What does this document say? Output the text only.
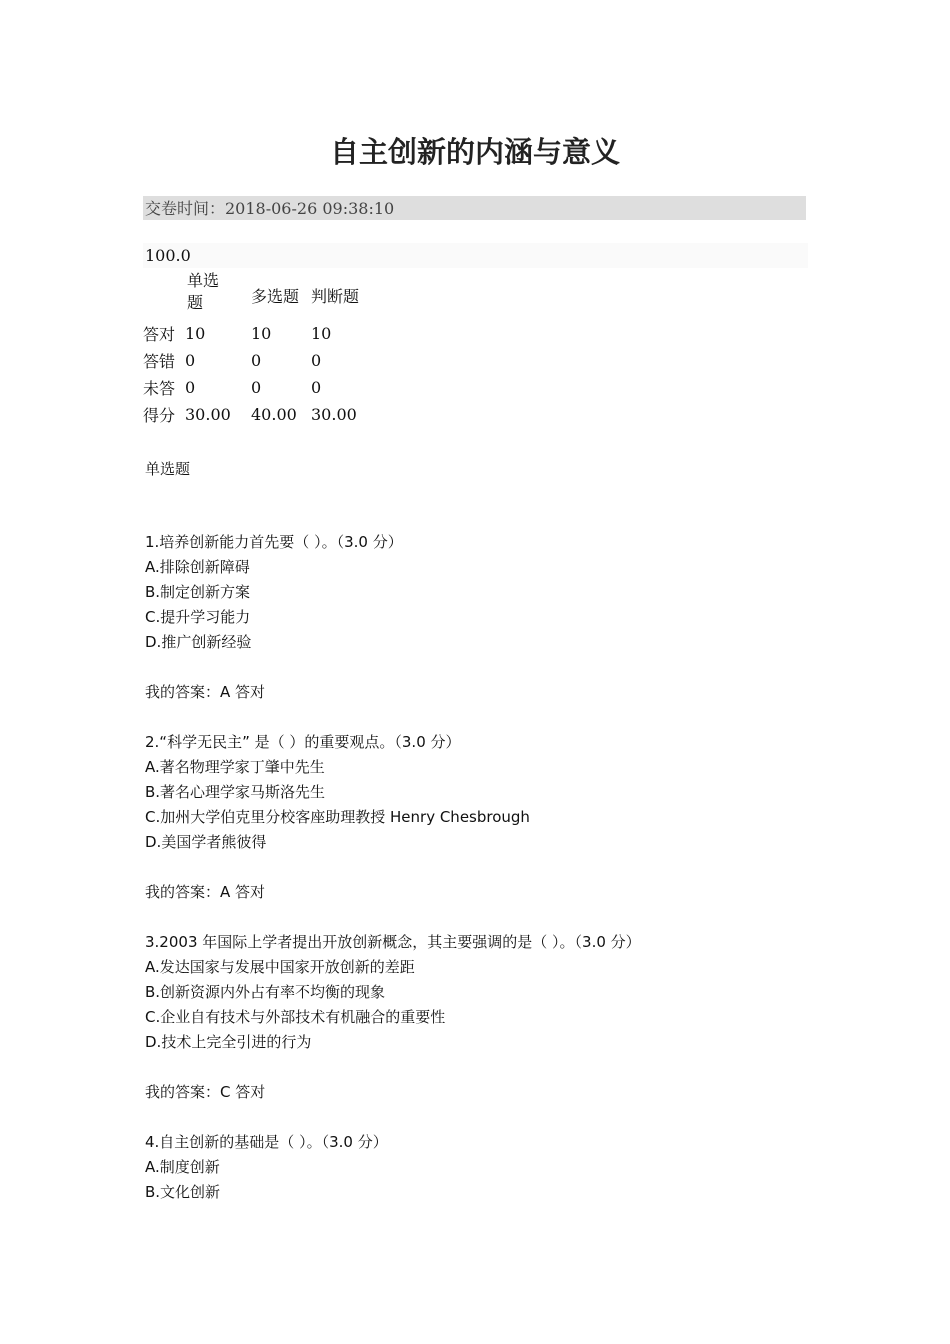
自主创新的内涵与意义
交卷时间：2018-06-26 09:38:10
100.0

	单选题	多选题	判断题
答对	10	10	10
答错	0	0	0
未答	0	0	0
得分	30.00	40.00	30.00
单选题
1.培养创新能力首先要（ ）。（3.0 分）
A.排除创新障碍
B.制定创新方案
C.提升学习能力
D.推广创新经验
我的答案：A 答对
2.“科学无民主” 是（ ）的重要观点。（3.0 分）
A.著名物理学家丁肇中先生
B.著名心理学家马斯洛先生
C.加州大学伯克里分校客座助理教授 Henry Chesbrough
D.美国学者熊彼得
我的答案：A 答对
3.2003 年国际上学者提出开放创新概念，其主要强调的是（ ）。（3.0 分）
A.发达国家与发展中国家开放创新的差距
B.创新资源内外占有率不均衡的现象
C.企业自有技术与外部技术有机融合的重要性
D.技术上完全引进的行为
我的答案：C 答对
4.自主创新的基础是（ ）。（3.0 分）
A.制度创新
B.文化创新
